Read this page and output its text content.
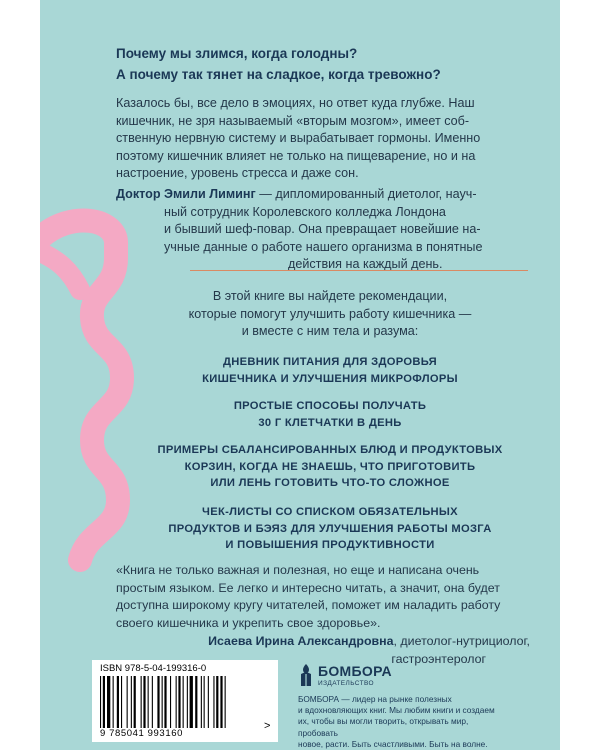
Почему мы злимся, когда голодны?
А почему так тянет на сладкое, когда тревожно?
Казалось бы, все дело в эмоциях, но ответ куда глубже. Наш
кишечник, не зря называемый «вторым мозгом», имеет соб-
ственную нервную систему и вырабатывает гормоны. Именно
поэтому кишечник влияет не только на пищеварение, но и на
настроение, уровень стресса и даже сон.
Доктор Эмили Лиминг — дипломированный диетолог, науч-
ный сотрудник Королевского колледжа Лондона
и бывший шеф-повар. Она превращает новейшие на-
учные данные о работе нашего организма в понятные
действия на каждый день.
В этой книге вы найдете рекомендации,
которые помогут улучшить работу кишечника —
и вместе с ним тела и разума:
ДНЕВНИК ПИТАНИЯ ДЛЯ ЗДОРОВЬЯ
КИШЕЧНИКА И УЛУЧШЕНИЯ МИКРОФЛОРЫ
ПРОСТЫЕ СПОСОБЫ ПОЛУЧАТЬ
30 Г КЛЕТЧАТКИ В ДЕНЬ
ПРИМЕРЫ СБАЛАНСИРОВАННЫХ БЛЮД И ПРОДУКТОВЫХ
КОРЗИН, КОГДА НЕ ЗНАЕШЬ, ЧТО ПРИГОТОВИТЬ
ИЛИ ЛЕНЬ ГОТОВИТЬ ЧТО-ТО СЛОЖНОЕ
ЧЕК-ЛИСТЫ СО СПИСКОМ ОБЯЗАТЕЛЬНЫХ
ПРОДУКТОВ И БЭЯЗ ДЛЯ УЛУЧШЕНИЯ РАБОТЫ МОЗГА
И ПОВЫШЕНИЯ ПРОДУКТИВНОСТИ
«Книга не только важная и полезная, но еще и написана очень
простым языком. Ее легко и интересно читать, а значит, она будет
доступна широкому кругу читателей, поможет им наладить работу
своего кишечника и укрепить свое здоровье».
Исаева Ирина Александровна, диетолог-нутрициолог,
гастроэнтеролог
ISBN 978-5-04-199316-0
9 785041 993160
>
БОМБОРА
ИЗДАТЕЛЬСТВО
БОМБОРА — лидер на рынке полезных
и вдохновляющих книг. Мы любим книги и создаем
их, чтобы вы могли творить, открывать мир, пробовать
новое, расти. Быть счастливыми. Быть на волне.
